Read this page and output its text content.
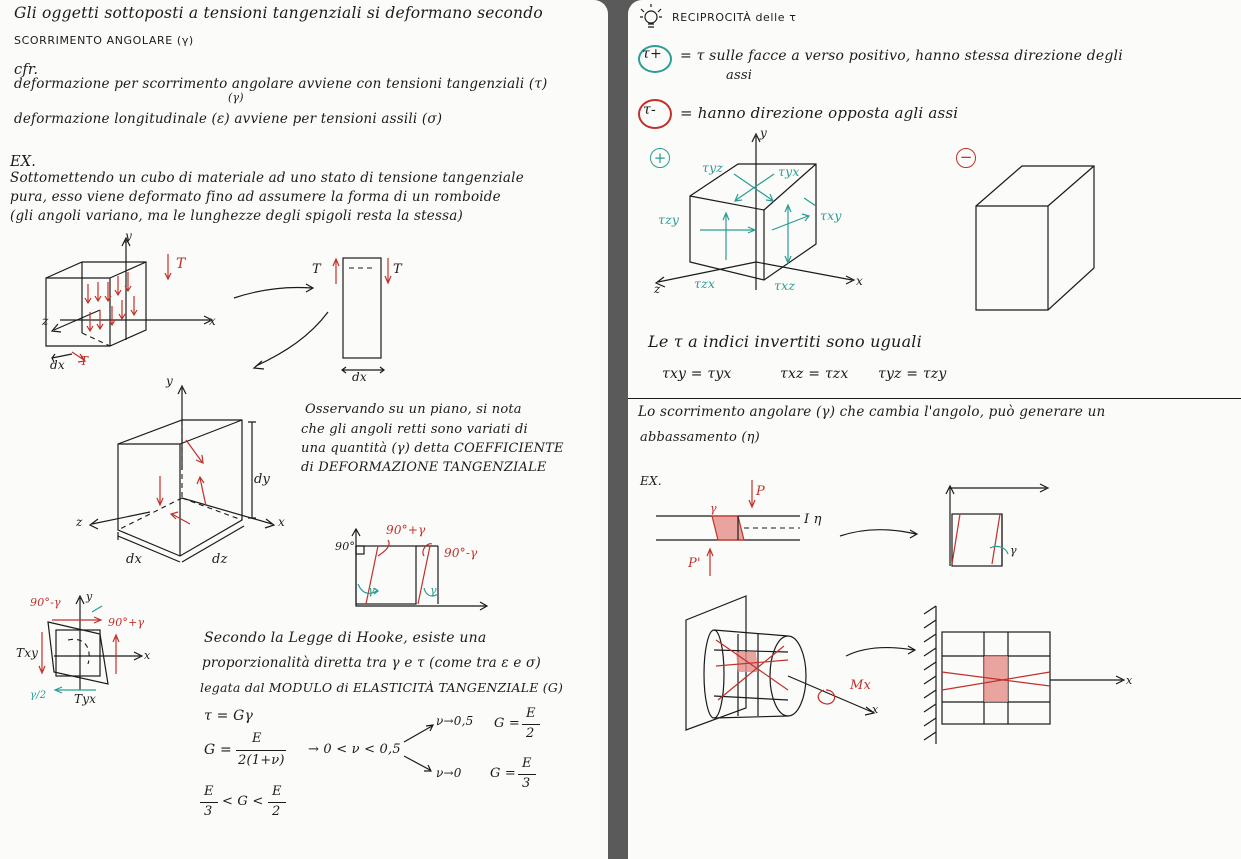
Gli oggetti sottoposti a tensioni tangenziali si deformano secondo
SCORRIMENTO ANGOLARE (γ)
cfr.
deformazione per scorrimento angolare avviene con tensioni tangenziali (τ)
(γ)
deformazione longitudinale (ε) avviene per tensioni assili (σ)
EX.
Sottomettendo un cubo di materiale ad uno stato di tensione tangenziale
pura, esso viene deformato fino ad assumere la forma di un romboide
(gli angoli variano, ma le lunghezze degli spigoli resta la stessa)
y
x
z
T
dx T
T	T
dx
y
x
z
dx	dz
dy
Osservando su un piano, si nota
che gli angoli retti sono variati di
una quantità (γ) detta COEFFICIENTE
di DEFORMAZIONE TANGENZIALE
90°
90°+γ
90°-γ
γ	γ
90°-γ
90°+γ
Txy
Tyx
y
x
γ/2
Secondo la Legge di Hooke, esiste una
proporzionalità diretta tra γ e τ (come tra ε e σ)
legata dal MODULO di ELASTICITÀ TANGENZIALE (G)
τ = Gγ
G =
E
2(1+ν)
→ 0 < ν < 0,5
ν→0,5 G =
E
2
ν→0 G =
E
3
E
3
< G <
E
2
RECIPROCITÀ delle τ
τ+ = τ sulle facce a verso positivo, hanno stessa direzione degli
assi
τ- = hanno direzione opposta agli assi
+	−
y
x
z
τyz	τyx
τzy	τxy
τzx	τxz
Le τ a indici invertiti sono uguali
τxy = τyx	τxz = τzx τyz = τzy
Lo scorrimento angolare (γ) che cambia l'angolo, può generare un
abbassamento (η)
EX.
γ
P
P'
I η
γ
Mx
x
x
